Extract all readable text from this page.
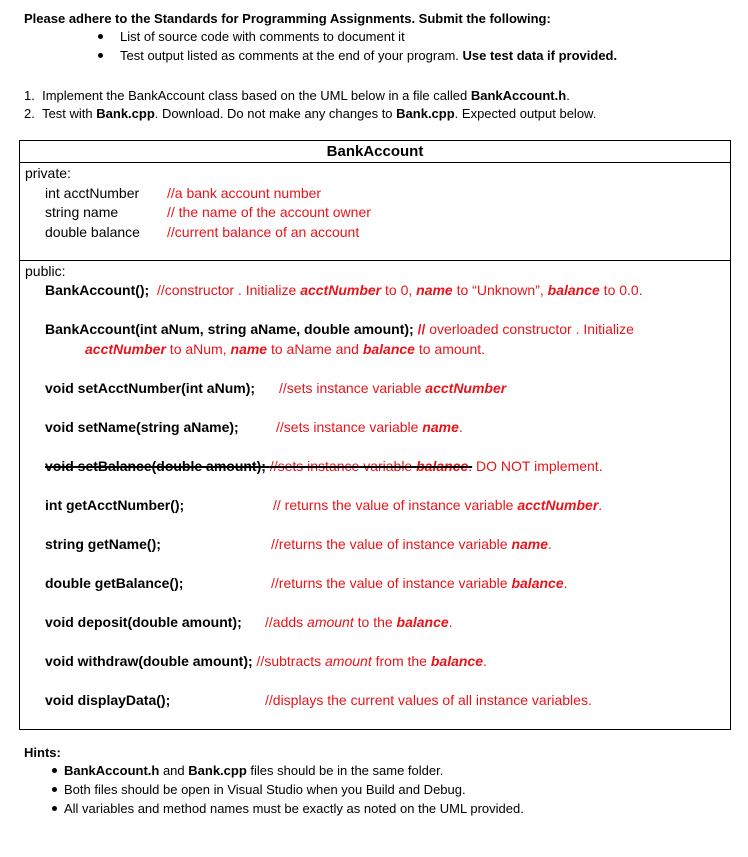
Please adhere to the Standards for Programming Assignments. Submit the following:
List of source code with comments to document it
Test output listed as comments at the end of your program. Use test data if provided.
1. Implement the BankAccount class based on the UML below in a file called BankAccount.h.
2. Test with Bank.cpp. Download. Do not make any changes to Bank.cpp. Expected output below.
BankAccount
private:
int acctNumber //a bank account number
string name	// the name of the account owner
double balance //current balance of an account
public:
BankAccount(); //constructor . Initialize acctNumber to 0, name to “Unknown”, balance to 0.0.
BankAccount(int aNum, string aName, double amount); // overloaded constructor . Initialize
acctNumber to aNum, name to aName and balance to amount.
void setAcctNumber(int aNum); //sets instance variable acctNumber
void setName(string aName);	//sets instance variable name.
void setBalance(double amount); //sets instance variable balance. DO NOT implement.
int getAcctNumber();	// returns the value of instance variable acctNumber.
string getName();	//returns the value of instance variable name.
double getBalance();	//returns the value of instance variable balance.
void deposit(double amount); //adds amount to the balance.
void withdraw(double amount); //subtracts amount from the balance.
void displayData();	//displays the current values of all instance variables.
Hints:
BankAccount.h and Bank.cpp files should be in the same folder.
Both files should be open in Visual Studio when you Build and Debug.
All variables and method names must be exactly as noted on the UML provided.
